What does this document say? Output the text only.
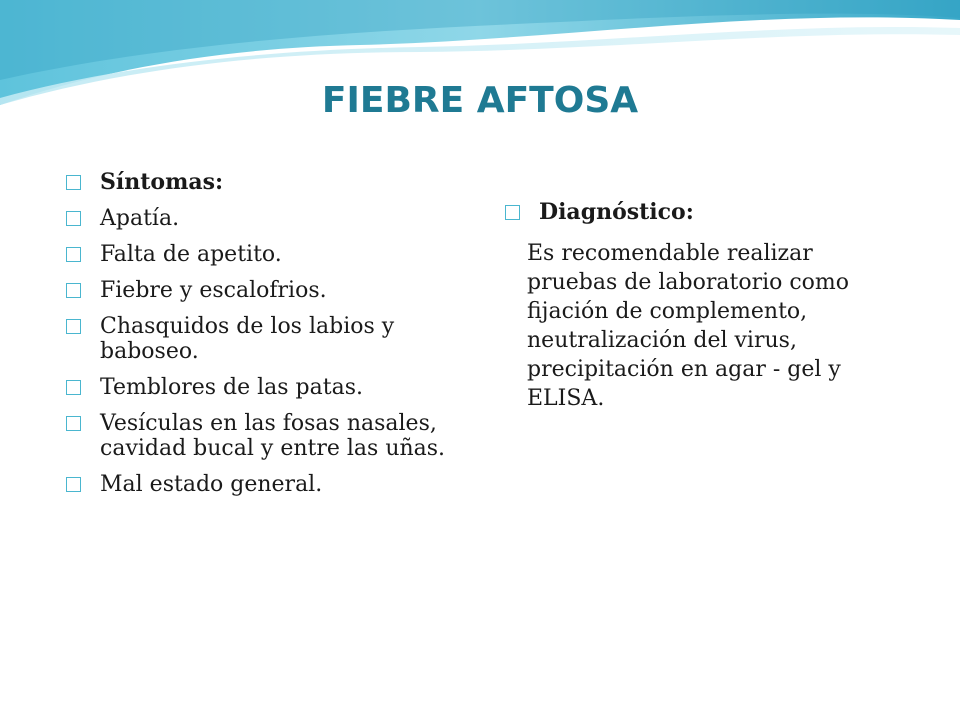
FIEBRE AFTOSA
Síntomas:
Apatía.
Falta de apetito.
Fiebre y escalofrios.
Chasquidos de los labios y baboseo.
Temblores de las patas.
Vesículas en las fosas nasales, cavidad bucal y entre las uñas.
Mal estado general.
Diagnóstico:

Es recomendable realizar pruebas de laboratorio como fijación de complemento, neutralización del virus, precipitación en agar - gel y ELISA.
